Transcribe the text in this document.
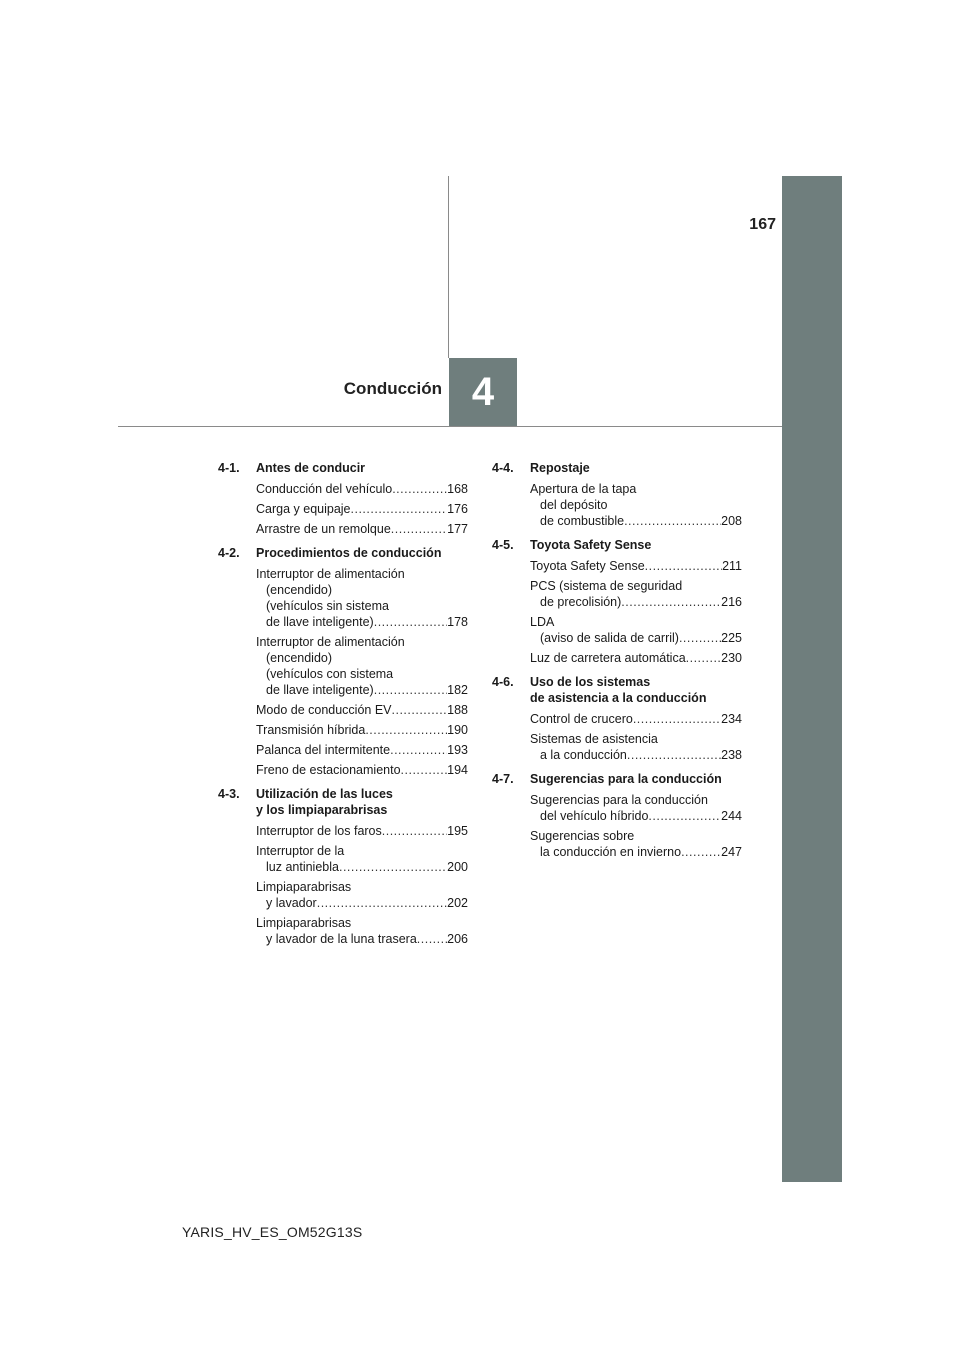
167
Conducción 4
4-1.	Antes de conducir
Conducción del vehículo .....	168
Carga y equipaje .....	176
Arrastre de un remolque .....	177
4-2.	Procedimientos de conducción
Interruptor de alimentación
(encendido)
(vehículos sin sistema
de llave inteligente) .....	178
Interruptor de alimentación
(encendido)
(vehículos con sistema
de llave inteligente) .....	182
Modo de conducción EV .....	188
Transmisión híbrida .....	190
Palanca del intermitente .....	193
Freno de estacionamiento .....	194
4-3.	Utilización de las luces
y los limpiaparabrisas
Interruptor de los faros .....	195
Interruptor de la
luz antiniebla .....	200
Limpiaparabrisas
y lavador .....	202
Limpiaparabrisas
y lavador de la luna trasera ..... 206
4-4.	Repostaje
Apertura de la tapa
del depósito
de combustible .....	208
4-5.	Toyota Safety Sense
Toyota Safety Sense .....	211
PCS (sistema de seguridad
de precolisión) .....	216
LDA
(aviso de salida de carril) .....	225
Luz de carretera automática .....	230
4-6.	Uso de los sistemas
de asistencia a la conducción
Control de crucero .....	234
Sistemas de asistencia
a la conducción .....	238
4-7.	Sugerencias para la conducción
Sugerencias para la conducción
del vehículo híbrido .....	244
Sugerencias sobre
la conducción en invierno .....	247
YARIS_HV_ES_OM52G13S
